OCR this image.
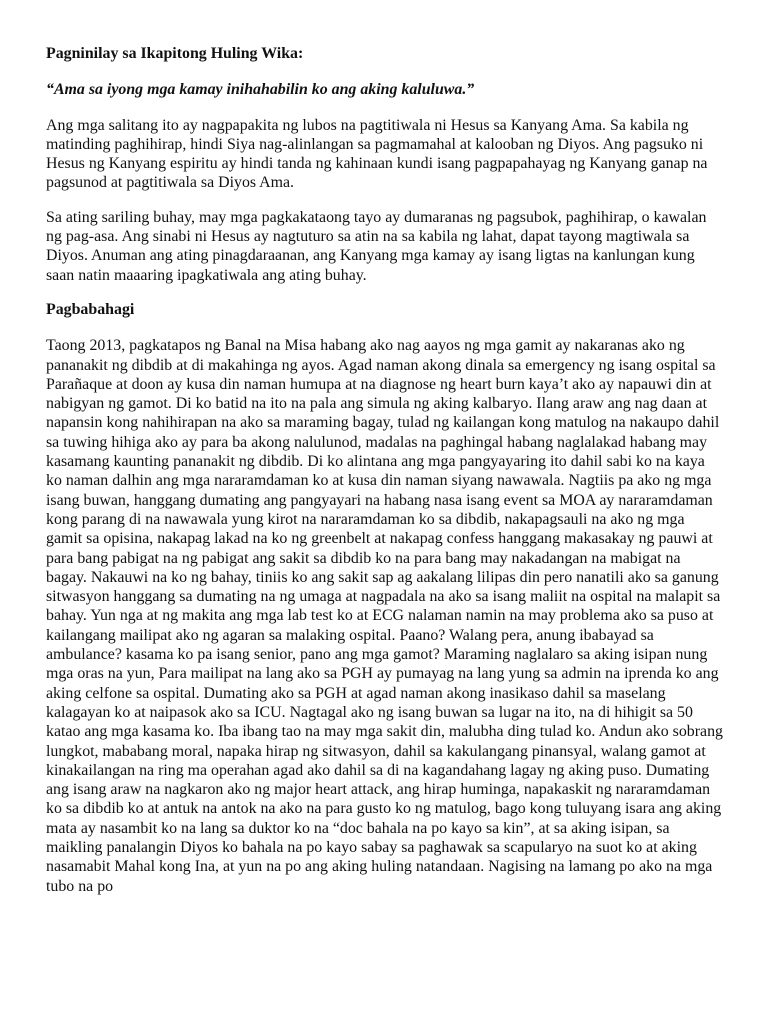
Pagninilay sa Ikapitong Huling Wika:
“Ama sa iyong mga kamay inihahabilin ko ang aking kaluluwa.”

Ang mga salitang ito ay nagpapakita ng lubos na pagtitiwala ni Hesus sa Kanyang Ama. Sa kabila ng matinding paghihirap, hindi Siya nag-alinlangan sa pagmamahal at kalooban ng Diyos. Ang pagsuko ni Hesus ng Kanyang espiritu ay hindi tanda ng kahinaan kundi isang pagpapahayag ng Kanyang ganap na pagsunod at pagtitiwala sa Diyos Ama.

Sa ating sariling buhay, may mga pagkakataong tayo ay dumaranas ng pagsubok, paghihirap, o kawalan ng pag-asa. Ang sinabi ni Hesus ay nagtuturo sa atin na sa kabila ng lahat, dapat tayong magtiwala sa Diyos. Anuman ang ating pinagdaraanan, ang Kanyang mga kamay ay isang ligtas na kanlungan kung saan natin maaaring ipagkatiwala ang ating buhay.

Pagbabahagi

Taong 2013, pagkatapos ng Banal na Misa habang ako nag aayos ng mga gamit ay nakaranas ako ng pananakit ng dibdib at di makahinga ng ayos. Agad naman akong dinala sa emergency ng isang ospital sa Parañaque at doon ay kusa din naman humupa at na diagnose ng heart burn kaya’t ako ay napauwi din at nabigyan ng gamot. Di ko batid na ito na pala ang simula ng aking kalbaryo. Ilang araw ang nag daan at napansin kong nahihirapan na ako sa maraming bagay, tulad ng kailangan kong matulog na nakaupo dahil sa tuwing hihiga ako ay para ba akong nalulunod, madalas na paghingal habang naglalakad habang may kasamang kaunting pananakit ng dibdib. Di ko alintana ang mga pangyayaring ito dahil sabi ko na kaya ko naman dalhin ang mga nararamdaman ko at kusa din naman siyang nawawala. Nagtiis pa ako ng mga isang buwan, hanggang dumating ang pangyayari na habang nasa isang event sa MOA ay nararamdaman kong parang di na nawawala yung kirot na nararamdaman ko sa dibdib, nakapagsauli na ako ng mga gamit sa opisina, nakapag lakad na ko ng greenbelt at nakapag confess hanggang makasakay ng pauwi at para bang pabigat na ng pabigat ang sakit sa dibdib ko na para bang may nakadangan na mabigat na bagay. Nakauwi na ko ng bahay, tiniis ko ang sakit sap ag aakalang lilipas din pero nanatili ako sa ganung sitwasyon hanggang sa dumating na ng umaga at nagpadala na ako sa isang maliit na ospital na malapit sa bahay. Yun nga at ng makita ang mga lab test ko at ECG nalaman namin na may problema ako sa puso at kailangang mailipat ako ng agaran sa malaking ospital. Paano? Walang pera, anung ibabayad sa ambulance? kasama ko pa isang senior, pano ang mga gamot? Maraming naglalaro sa aking isipan nung mga oras na yun, Para mailipat na lang ako sa PGH ay pumayag na lang yung sa admin na iprenda ko ang aking celfone sa ospital. Dumating ako sa PGH at agad naman akong inasikaso dahil sa maselang kalagayan ko at naipasok ako sa ICU. Nagtagal ako ng isang buwan sa lugar na ito, na di hihigit sa 50 katao ang mga kasama ko. Iba ibang tao na may mga sakit din, malubha ding tulad ko. Andun ako sobrang lungkot, mababang moral, napaka hirap ng sitwasyon, dahil sa kakulangang pinansyal, walang gamot at kinakailangan na ring ma operahan agad ako dahil sa di na kagandahang lagay ng aking puso. Dumating ang isang araw na nagkaron ako ng major heart attack, ang hirap huminga, napakaskit ng nararamdaman ko sa dibdib ko at antuk na antok na ako na para gusto ko ng matulog, bago kong tuluyang isara ang aking mata ay nasambit ko na lang sa duktor ko na “doc bahala na po kayo sa kin”, at sa aking isipan, sa maikling panalangin Diyos ko bahala na po kayo sabay sa paghawak sa scapularyo na suot ko at aking nasamabit Mahal kong Ina, at yun na po ang aking huling natandaan. Nagising na lamang po ako na mga tubo na po
